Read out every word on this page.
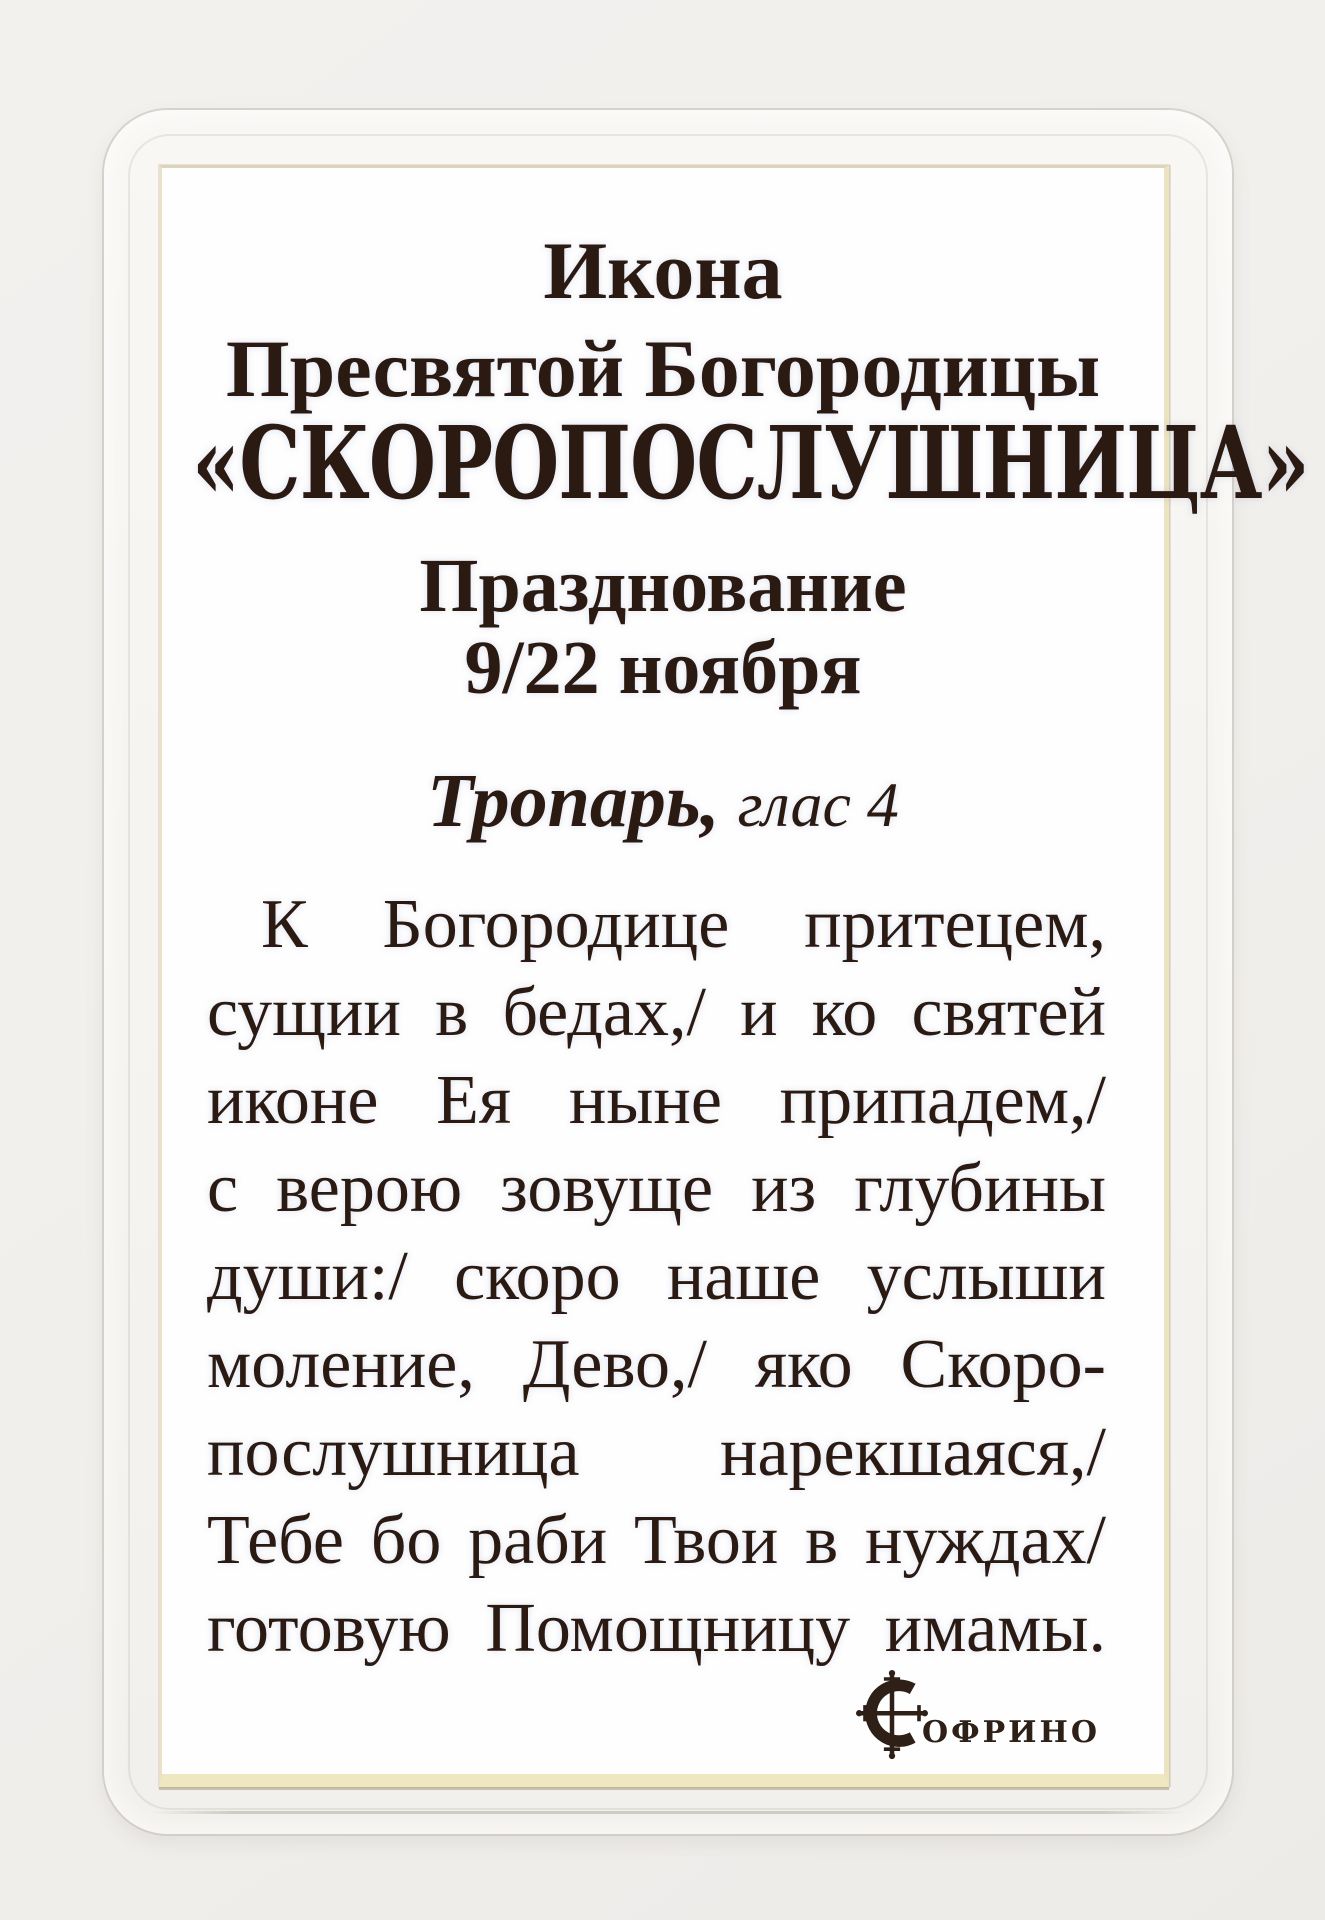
Икона
Пресвятой Богородицы
«СКОРОПОСЛУШНИЦА»
Празднование
9/22 ноября
Тропарь, глас 4
К Богородице притецем,
сущии в бедах,/ и ко святей
иконе Ея ныне припадем,/
с верою зовуще из глубины
души:/ скоро наше услыши
моление, Дево,/ яко Скоро-
послушница нарекшаяся,/
Тебе бо раби Твои в нуждах/
готовую Помощницу имамы.
ОФРИНО
